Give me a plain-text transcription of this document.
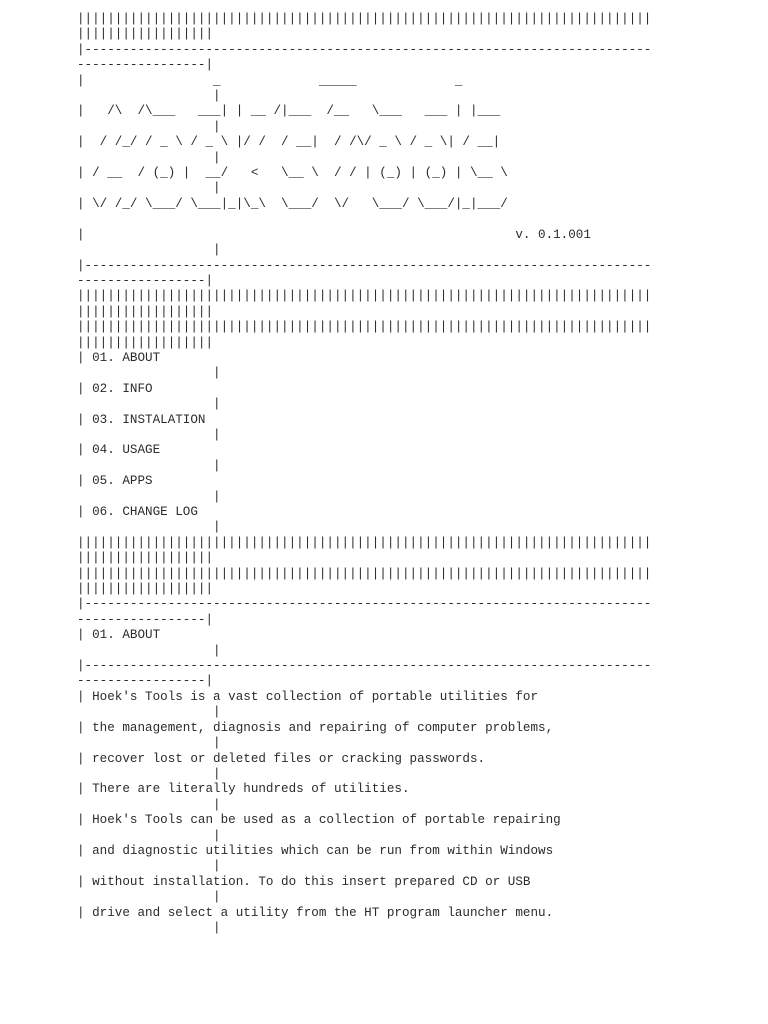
||||||||||||||||||||||||||||||||||||||||||||||||||||||||||||||||||||||||||||
||||||||||||||||||
|---------------------------------------------------------------------------
-----------------|
|                 _             _____             _
|
|   /\  /\___   ___| | __ /|___  /__   \___   ___ | |___
|
|  / /_/ / _ \ / _ \ |/ /  / __|  / /\/ _ \ / _ \| / __|
|
| / __  / (_) |  __/   <   \__ \  / / | (_) | (_) | \__ \
|
| \/ /_/ \___/ \___|_|\_\  \___/  \/   \___/ \___/|_|___/

|                                                         v. 0.1.001
|
|---------------------------------------------------------------------------
-----------------|
||||||||||||||||||||||||||||||||||||||||||||||||||||||||||||||||||||||||||||
||||||||||||||||||
||||||||||||||||||||||||||||||||||||||||||||||||||||||||||||||||||||||||||||
||||||||||||||||||
| 01. ABOUT
|
| 02. INFO
|
| 03. INSTALATION
|
| 04. USAGE
|
| 05. APPS
|
| 06. CHANGE LOG
|
||||||||||||||||||||||||||||||||||||||||||||||||||||||||||||||||||||||||||||
||||||||||||||||||
||||||||||||||||||||||||||||||||||||||||||||||||||||||||||||||||||||||||||||
||||||||||||||||||
|---------------------------------------------------------------------------
-----------------|
| 01. ABOUT
|
|---------------------------------------------------------------------------
-----------------|
| Hoek's Tools is a vast collection of portable utilities for
|
| the management, diagnosis and repairing of computer problems,
|
| recover lost or deleted files or cracking passwords.
|
| There are literally hundreds of utilities.
|
| Hoek's Tools can be used as a collection of portable repairing
|
| and diagnostic utilities which can be run from within Windows
|
| without installation. To do this insert prepared CD or USB
|
| drive and select a utility from the HT program launcher menu.
|
